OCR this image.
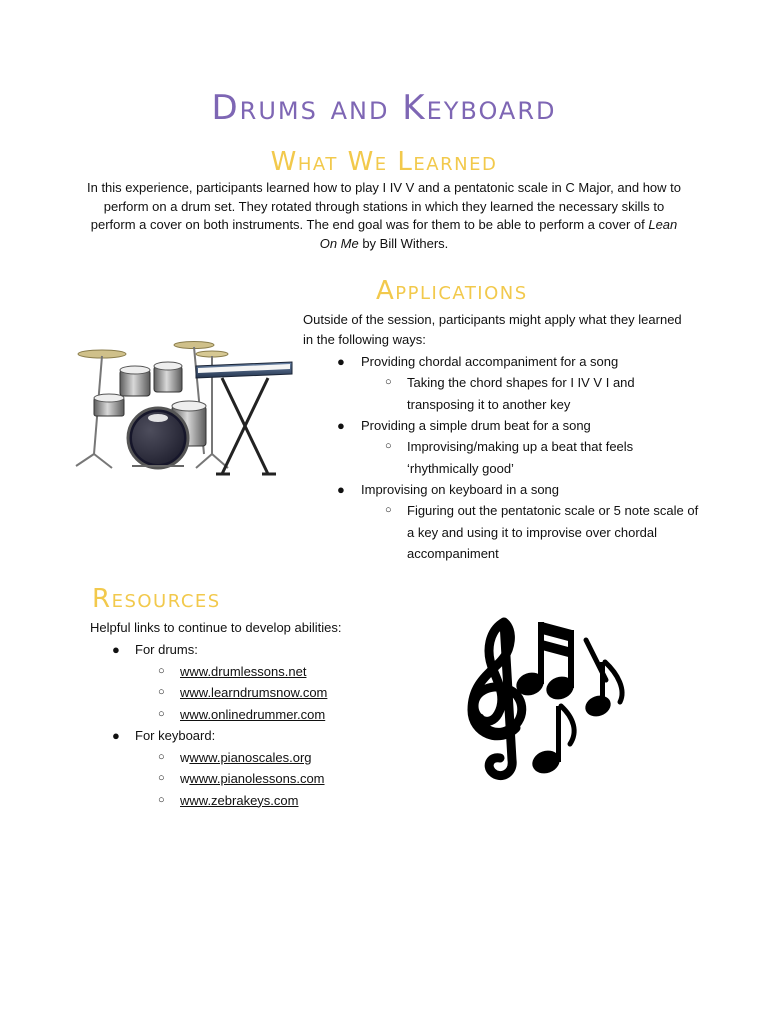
Drums and Keyboard
What We Learned

In this experience, participants learned how to play I IV V and a pentatonic scale in C Major, and how to perform on a drum set. They rotated through stations in which they learned the necessary skills to perform a cover on both instruments. The end goal was for them to be able to perform a cover of Lean On Me by Bill Withers.

Applications

Outside of the session, participants might apply what they learned in the following ways:

● Providing chordal accompaniment for a song
○ Taking the chord shapes for I IV V I and transposing it to another key
● Providing a simple drum beat for a song
○ Improvising/making up a beat that feels ‘rhythmically good’
● Improvising on keyboard in a song
○ Figuring out the pentatonic scale or 5 note scale of a key and using it to improvise over chordal accompaniment
Resources

Helpful links to continue to develop abilities:

● For drums:
○ www.drumlessons.net
○ www.learndrumsnow.com
○ www.onlinedrummer.com
● For keyboard:
○ wwww.pianoscales.org
○ wwww.pianolessons.com
○ www.zebrakeys.com
